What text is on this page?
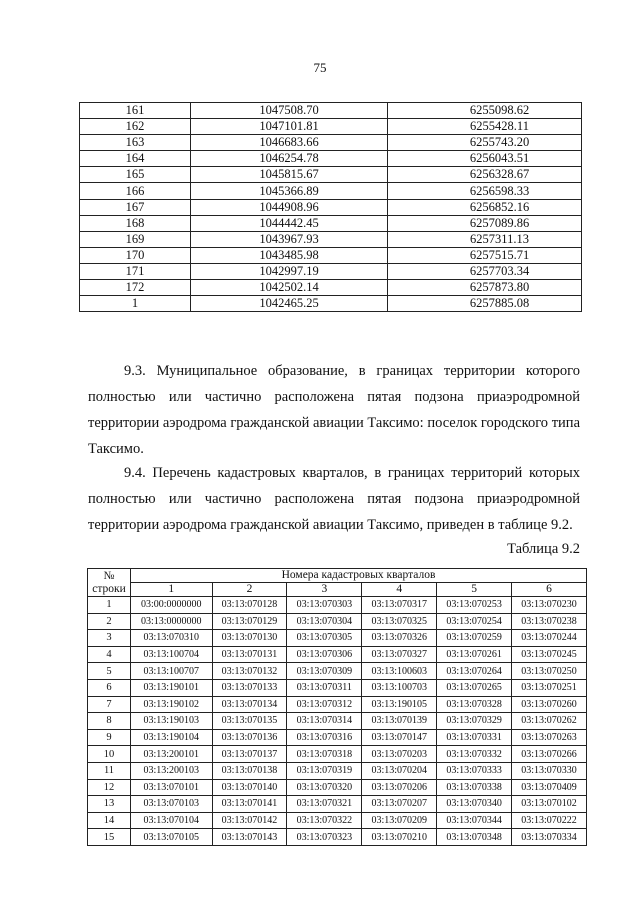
75
161	1047508.70	6255098.62
162	1047101.81	6255428.11
163	1046683.66	6255743.20
164	1046254.78	6256043.51
165	1045815.67	6256328.67
166	1045366.89	6256598.33
167	1044908.96	6256852.16
168	1044442.45	6257089.86
169	1043967.93	6257311.13
170	1043485.98	6257515.71
171	1042997.19	6257703.34
172	1042502.14	6257873.80
1	1042465.25	6257885.08

9.3. Муниципальное образование, в границах территории которого полностью или частично расположена пятая подзона приаэродромной территории аэродрома гражданской авиации Таксимо: поселок городского типа Таксимо.

9.4. Перечень кадастровых кварталов, в границах территорий которых полностью или частично расположена пятая подзона приаэродромной территории аэродрома гражданской авиации Таксимо, приведен в таблице 9.2.

Таблица 9.2
№ строки	Номера кадастровых кварталов					
	1	2	3	4	5	6
1	03:00:0000000	03:13:070128	03:13:070303	03:13:070317	03:13:070253	03:13:070230
2	03:13:0000000	03:13:070129	03:13:070304	03:13:070325	03:13:070254	03:13:070238
3	03:13:070310	03:13:070130	03:13:070305	03:13:070326	03:13:070259	03:13:070244
4	03:13:100704	03:13:070131	03:13:070306	03:13:070327	03:13:070261	03:13:070245
5	03:13:100707	03:13:070132	03:13:070309	03:13:100603	03:13:070264	03:13:070250
6	03:13:190101	03:13:070133	03:13:070311	03:13:100703	03:13:070265	03:13:070251
7	03:13:190102	03:13:070134	03:13:070312	03:13:190105	03:13:070328	03:13:070260
8	03:13:190103	03:13:070135	03:13:070314	03:13:070139	03:13:070329	03:13:070262
9	03:13:190104	03:13:070136	03:13:070316	03:13:070147	03:13:070331	03:13:070263
10	03:13:200101	03:13:070137	03:13:070318	03:13:070203	03:13:070332	03:13:070266
11	03:13:200103	03:13:070138	03:13:070319	03:13:070204	03:13:070333	03:13:070330
12	03:13:070101	03:13:070140	03:13:070320	03:13:070206	03:13:070338	03:13:070409
13	03:13:070103	03:13:070141	03:13:070321	03:13:070207	03:13:070340	03:13:070102
14	03:13:070104	03:13:070142	03:13:070322	03:13:070209	03:13:070344	03:13:070222
15	03:13:070105	03:13:070143	03:13:070323	03:13:070210	03:13:070348	03:13:070334
